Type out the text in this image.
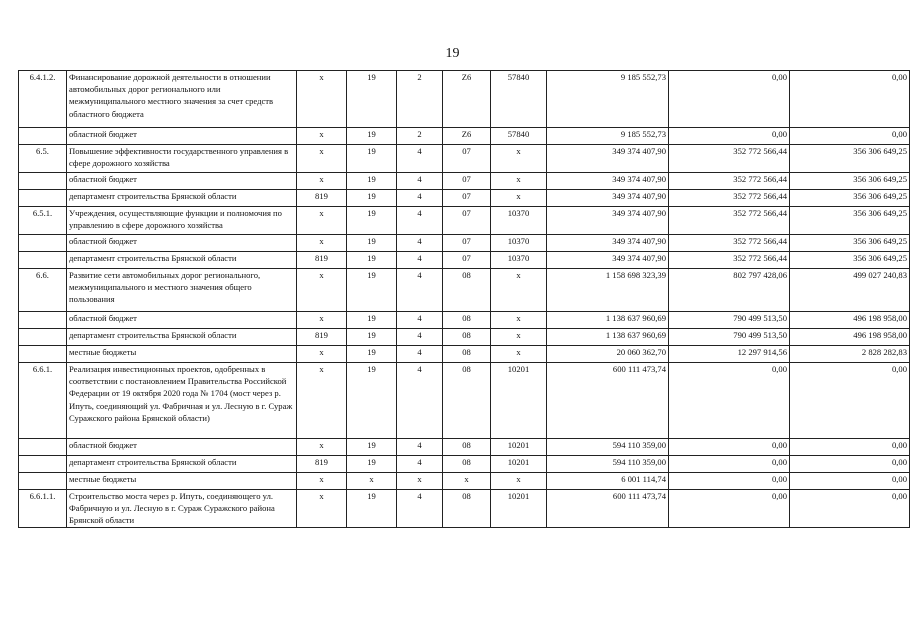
19
6.4.1.2.	Финансирование дорожной деятельности в отношении автомобильных дорог регионального или межмуниципального местного значения за счет средств областного бюджета	х	19	2	Z6	57840	9 185 552,73	0,00	0,00
	областной бюджет	х	19	2	Z6	57840	9 185 552,73	0,00	0,00
6.5.	Повышение эффективности государственного управления в сфере дорожного хозяйства	х	19	4	07	х	349 374 407,90	352 772 566,44	356 306 649,25
	областной бюджет	х	19	4	07	х	349 374 407,90	352 772 566,44	356 306 649,25
	департамент строительства Брянской области	819	19	4	07	х	349 374 407,90	352 772 566,44	356 306 649,25
6.5.1.	Учреждения, осуществляющие функции и полномочия по управлению в сфере дорожного хозяйства	х	19	4	07	10370	349 374 407,90	352 772 566,44	356 306 649,25
	областной бюджет	х	19	4	07	10370	349 374 407,90	352 772 566,44	356 306 649,25
	департамент строительства Брянской области	819	19	4	07	10370	349 374 407,90	352 772 566,44	356 306 649,25
6.6.	Развитие сети автомобильных дорог регионального, межмуниципального и местного значения общего пользования	х	19	4	08	х	1 158 698 323,39	802 797 428,06	499 027 240,83
	областной бюджет	х	19	4	08	х	1 138 637 960,69	790 499 513,50	496 198 958,00
	департамент строительства Брянской области	819	19	4	08	х	1 138 637 960,69	790 499 513,50	496 198 958,00
	местные бюджеты	х	19	4	08	х	20 060 362,70	12 297 914,56	2 828 282,83
6.6.1.	Реализация инвестиционных проектов, одобренных в соответствии с постановлением Правительства Российской Федерации от 19 октября 2020 года № 1704 (мост через р. Ипуть, соединяющий ул. Фабричная и ул. Лесную в г. Сураж Суражского района Брянской области)	х	19	4	08	10201	600 111 473,74	0,00	0,00
	областной бюджет	х	19	4	08	10201	594 110 359,00	0,00	0,00
	департамент строительства Брянской области	819	19	4	08	10201	594 110 359,00	0,00	0,00
	местные бюджеты	х	х	х	х	х	6 001 114,74	0,00	0,00
6.6.1.1.	Строительство моста через р. Ипуть, соединяющего ул. Фабричную и ул. Лесную в г. Сураж Суражского района Брянской области	х	19	4	08	10201	600 111 473,74	0,00	0,00
